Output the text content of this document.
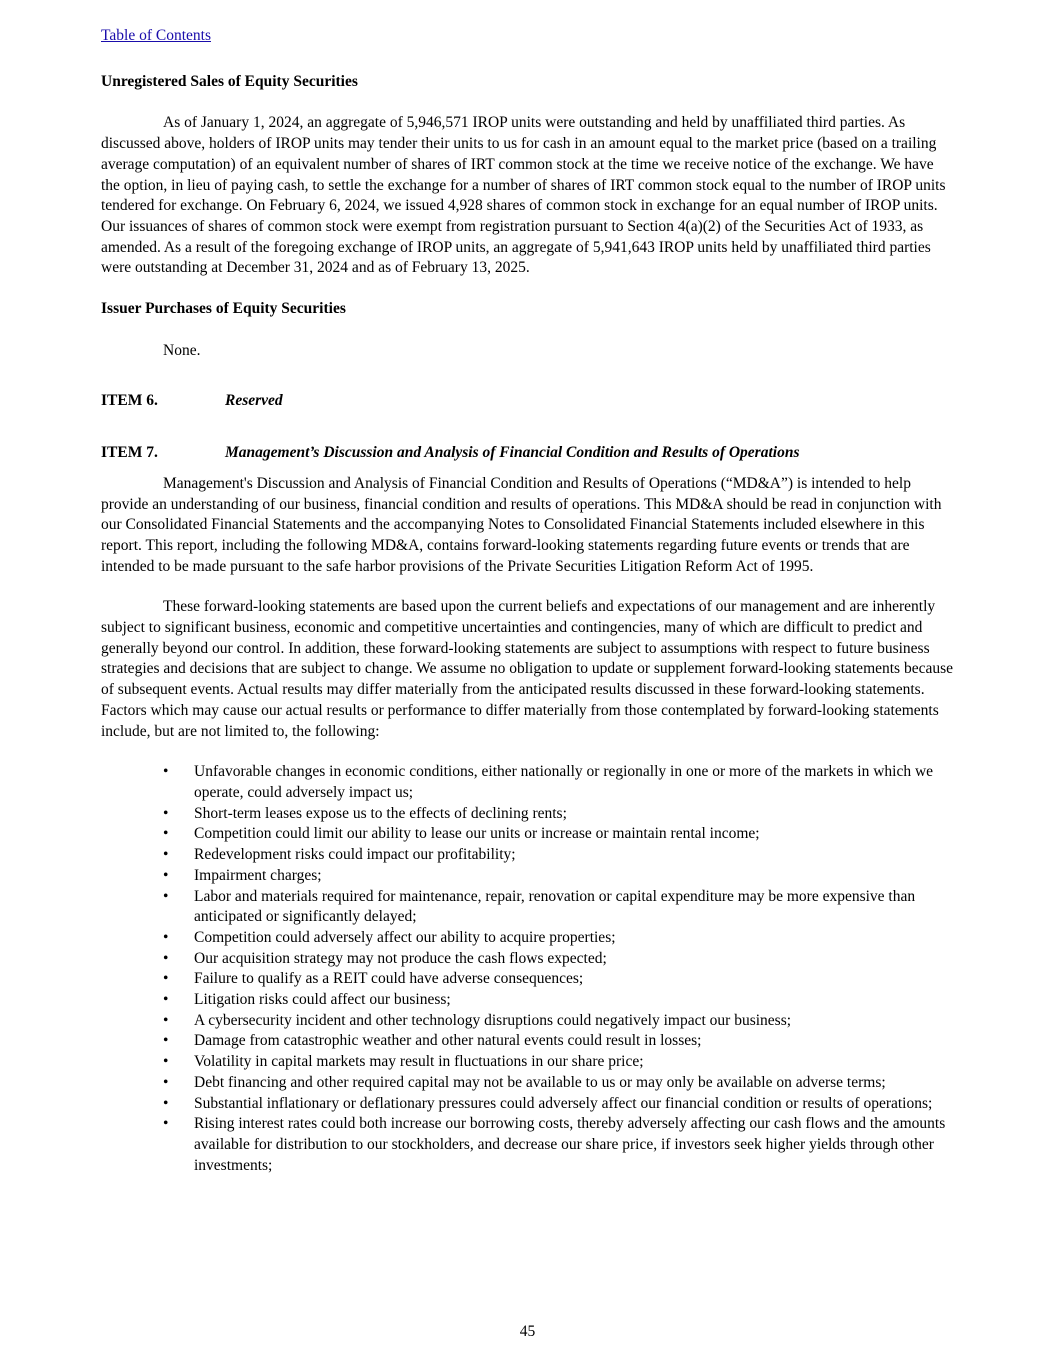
Table of Contents

Unregistered Sales of Equity Securities

As of January 1, 2024, an aggregate of 5,946,571 IROP units were outstanding and held by unaffiliated third parties. As discussed above, holders of IROP units may tender their units to us for cash in an amount equal to the market price (based on a trailing average computation) of an equivalent number of shares of IRT common stock at the time we receive notice of the exchange. We have the option, in lieu of paying cash, to settle the exchange for a number of shares of IRT common stock equal to the number of IROP units tendered for exchange. On February 6, 2024, we issued 4,928 shares of common stock in exchange for an equal number of IROP units. Our issuances of shares of common stock were exempt from registration pursuant to Section 4(a)(2) of the Securities Act of 1933, as amended. As a result of the foregoing exchange of IROP units, an aggregate of 5,941,643 IROP units held by unaffiliated third parties were outstanding at December 31, 2024 and as of February 13, 2025.

Issuer Purchases of Equity Securities

None.

ITEM 6.	Reserved
ITEM 7.	Management’s Discussion and Analysis of Financial Condition and Results of Operations

Management's Discussion and Analysis of Financial Condition and Results of Operations (“MD&A”) is intended to help provide an understanding of our business, financial condition and results of operations. This MD&A should be read in conjunction with our Consolidated Financial Statements and the accompanying Notes to Consolidated Financial Statements included elsewhere in this report. This report, including the following MD&A, contains forward-looking statements regarding future events or trends that are intended to be made pursuant to the safe harbor provisions of the Private Securities Litigation Reform Act of 1995.

These forward-looking statements are based upon the current beliefs and expectations of our management and are inherently subject to significant business, economic and competitive uncertainties and contingencies, many of which are difficult to predict and generally beyond our control. In addition, these forward-looking statements are subject to assumptions with respect to future business strategies and decisions that are subject to change. We assume no obligation to update or supplement forward-looking statements because of subsequent events. Actual results may differ materially from the anticipated results discussed in these forward-looking statements. Factors which may cause our actual results or performance to differ materially from those contemplated by forward-looking statements include, but are not limited to, the following:

• Unfavorable changes in economic conditions, either nationally or regionally in one or more of the markets in which we operate, could adversely impact us;
• Short-term leases expose us to the effects of declining rents;
• Competition could limit our ability to lease our units or increase or maintain rental income;
• Redevelopment risks could impact our profitability;
• Impairment charges;
• Labor and materials required for maintenance, repair, renovation or capital expenditure may be more expensive than anticipated or significantly delayed;
• Competition could adversely affect our ability to acquire properties;
• Our acquisition strategy may not produce the cash flows expected;
• Failure to qualify as a REIT could have adverse consequences;
• Litigation risks could affect our business;
• A cybersecurity incident and other technology disruptions could negatively impact our business;
• Damage from catastrophic weather and other natural events could result in losses;
• Volatility in capital markets may result in fluctuations in our share price;
• Debt financing and other required capital may not be available to us or may only be available on adverse terms;
• Substantial inflationary or deflationary pressures could adversely affect our financial condition or results of operations;
• Rising interest rates could both increase our borrowing costs, thereby adversely affecting our cash flows and the amounts available for distribution to our stockholders, and decrease our share price, if investors seek higher yields through other investments;
45
